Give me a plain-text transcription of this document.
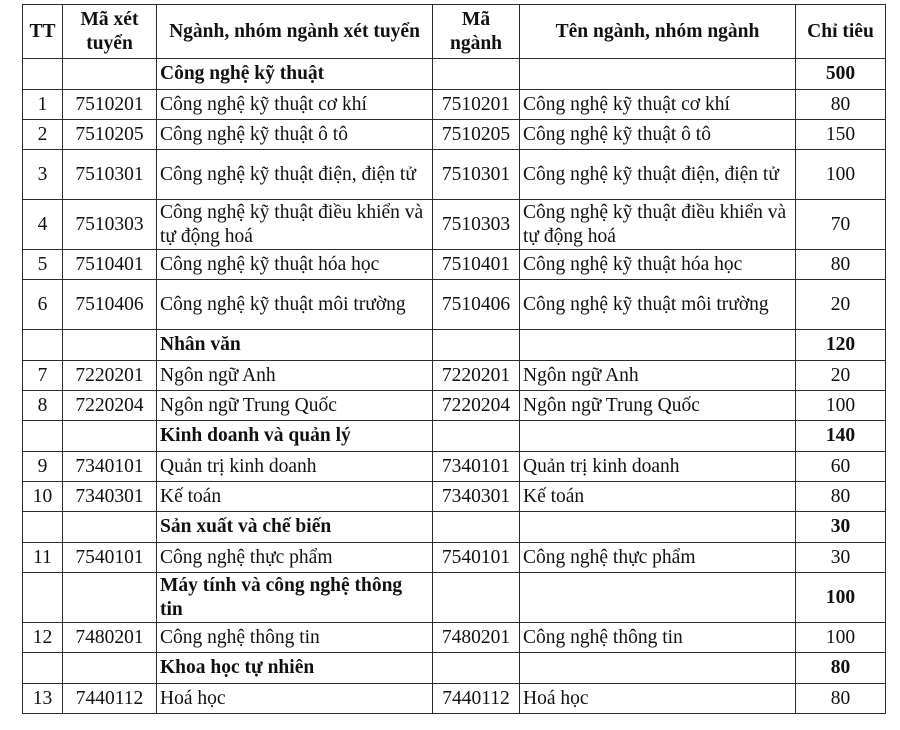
TT	Mã xét tuyển	Ngành, nhóm ngành xét tuyển	Mã ngành	Tên ngành, nhóm ngành	Chỉ tiêu
		Công nghệ kỹ thuật			500
1	7510201	Công nghệ kỹ thuật cơ khí	7510201	Công nghệ kỹ thuật cơ khí	80
2	7510205	Công nghệ kỹ thuật ô tô	7510205	Công nghệ kỹ thuật ô tô	150
3	7510301	Công nghệ kỹ thuật điện, điện tử	7510301	Công nghệ kỹ thuật điện, điện tử	100
4	7510303	Công nghệ kỹ thuật điều khiển và tự động hoá	7510303	Công nghệ kỹ thuật điều khiển và tự động hoá	70
5	7510401	Công nghệ kỹ thuật hóa học	7510401	Công nghệ kỹ thuật hóa học	80
6	7510406	Công nghệ kỹ thuật môi trường	7510406	Công nghệ kỹ thuật môi trường	20
		Nhân văn			120
7	7220201	Ngôn ngữ Anh	7220201	Ngôn ngữ Anh	20
8	7220204	Ngôn ngữ Trung Quốc	7220204	Ngôn ngữ Trung Quốc	100
		Kinh doanh và quản lý			140
9	7340101	Quản trị kinh doanh	7340101	Quản trị kinh doanh	60
10	7340301	Kế toán	7340301	Kế toán	80
		Sản xuất và chế biến			30
11	7540101	Công nghệ thực phẩm	7540101	Công nghệ thực phẩm	30
		Máy tính và công nghệ thông tin			100
12	7480201	Công nghệ thông tin	7480201	Công nghệ thông tin	100
		Khoa học tự nhiên			80
13	7440112	Hoá học	7440112	Hoá học	80
